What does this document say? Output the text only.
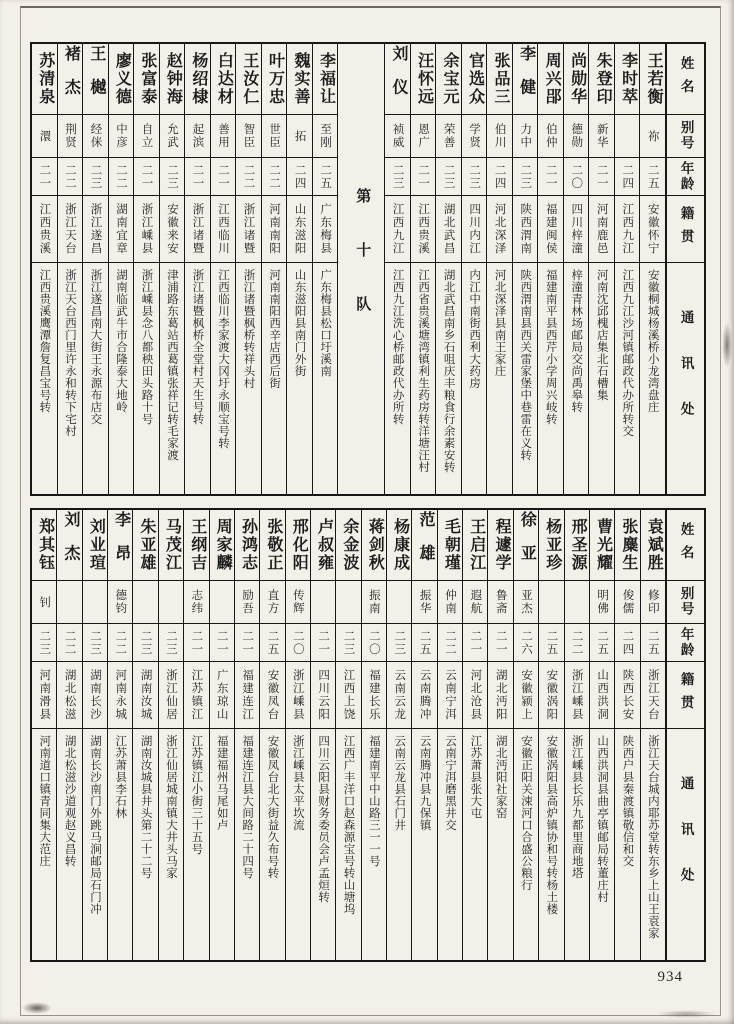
姓名
别号
年龄
籍贯
通讯处
王若衡
祢
二五
安徽怀宁
安徽桐城杨溪桥小龙湾盘庄
李时萃
二四
江西九江
江西九江沙河镇邮政代办所转交
朱登印
新华
二一
河南鹿邑
河南沈邱槐店集北石槽集
尚勋华
德勋
二〇
四川梓潼
梓潼青林场邮局交尚禹皋转
周兴郘
伯仲
二一
福建闽侯
福建南平县西芹小学周兴岐转
李健
力中
二三
陕西渭南
陕西渭南县西关雷家堡中巷雷在义转
张品三
伯川
二四
河北深泽
河北深泽县南王家庄
官选众
学贤
二三
四川内江
内江中南街西利大药房
余宝元
荣善
二三
湖北武昌
湖北武昌南乡石咀庆丰粮食行余素安转
汪怀远
恩广
二一
江西贵溪
江西省贵溪塘湾镇利生药房转洋塘汪村
刘仪
祯威
二三
江西九江
江西九江洗心桥邮政代办所转
第十队
李福让
至刚
二五
广东梅县
广东梅县松口圩溪南
魏实善
拓
二四
山东滋阳
山东滋阳县南门外街
叶万忠
世臣
二二
河南南阳
河南南阳西辛店西后街
王汝仁
智臣
二二
浙江诸暨
浙江诸暨枫桥转祥头村
白达材
善用
二一
江西临川
江西临川李家渡大冈圩永顺宝号转
杨绍棣
起滨
二一
浙江诸暨
浙江诸暨枫桥全堂村天生号转
赵钟海
允武
二三
安徽来安
津浦路东葛站西葛镇张祥记转毛家渡
张富泰
自立
二一
浙江嵊县
浙江嵊县念八都秧田头路十号
廖义德
中彦
二二
湖南宜章
湖南临武牛市合隆泰大地岭
王樾
经侎
二三
浙江遂昌
浙江遂昌南大街王永源布店交
褚杰
荆贤
二二
浙江天台
浙江天台西门里许永和转下宅村
苏清泉
澴
二一
江西贵溪
江西贵溪鹰潭詹复昌宝号转
姓名
别号
年龄
籍贯
通讯处
袁斌胜
修印
二五
浙江天台
浙江天台城内耶苏堂转东乡上山王袁家
张麋生
俊儒
二四
陕西长安
陕西户县秦渡镇敬信和交
曹光耀
明佛
二五
山西洪洞
山西洪洞县曲亭镇邮局转董庄村
邢圣源
二二
浙江嵊县
浙江嵊县长乐九都里商地塔
杨亚珍
二五
安徽涡阳
安徽涡阳县高炉镇协和号转杨土楼
徐亚
亚杰
二六
安徽颍上
安徽正阳关涑河口合盛公粮行
程遽学
鲁斋
二一
湖北沔阳
湖北沔阳社家窑
王启江
遐航
二一
河北沧县
江苏萧县张大屯
毛朝瑾
仲南
二二
云南宁洱
云南宁洱磨黑井交
范雄
振华
二五
云南腾冲
云南腾冲县九保镇
杨康成
二三
云南云龙
云南云龙县石门井
蒋剑秋
振南
二〇
福建长乐
福建南平中山路三一一号
余金波
二三
江西上饶
江西广丰洋口赵森源宝号转山塘坞
卢叔雍
二一
四川云阳
四川云阳县财务委员会卢孟烜转
邢化阳
传辉
二〇
浙江嵊县
浙江嵊县太平坎流
张敬正
直方
二五
安徽凤台
安徽凤台北大街益久布号转
孙鸿志
励吾
二一
福建连江
福建连江县大间路二十四号
周家麟
二一
广东琼山
福建福州马尾如卢
王纲吉
志纬
二一
江苏镇江
江苏镇江小街三十五号
马茂江
二三
浙江仙居
浙江仙居城南镇大井头马家
朱亚雄
二三
湖南汝城
湖南汝城县井头第二十二号
李昂
德钧
二二
河南永城
江苏萧县李石林
刘业瑄
二三
湖南长沙
湖南长沙南门外跳马涧邮局石门冲
刘杰
二二
湖北松滋
湖北松滋沙道观赵义昌转
郑其钰
钊
二三
河南滑县
河南道口镇青同集大范庄
934
